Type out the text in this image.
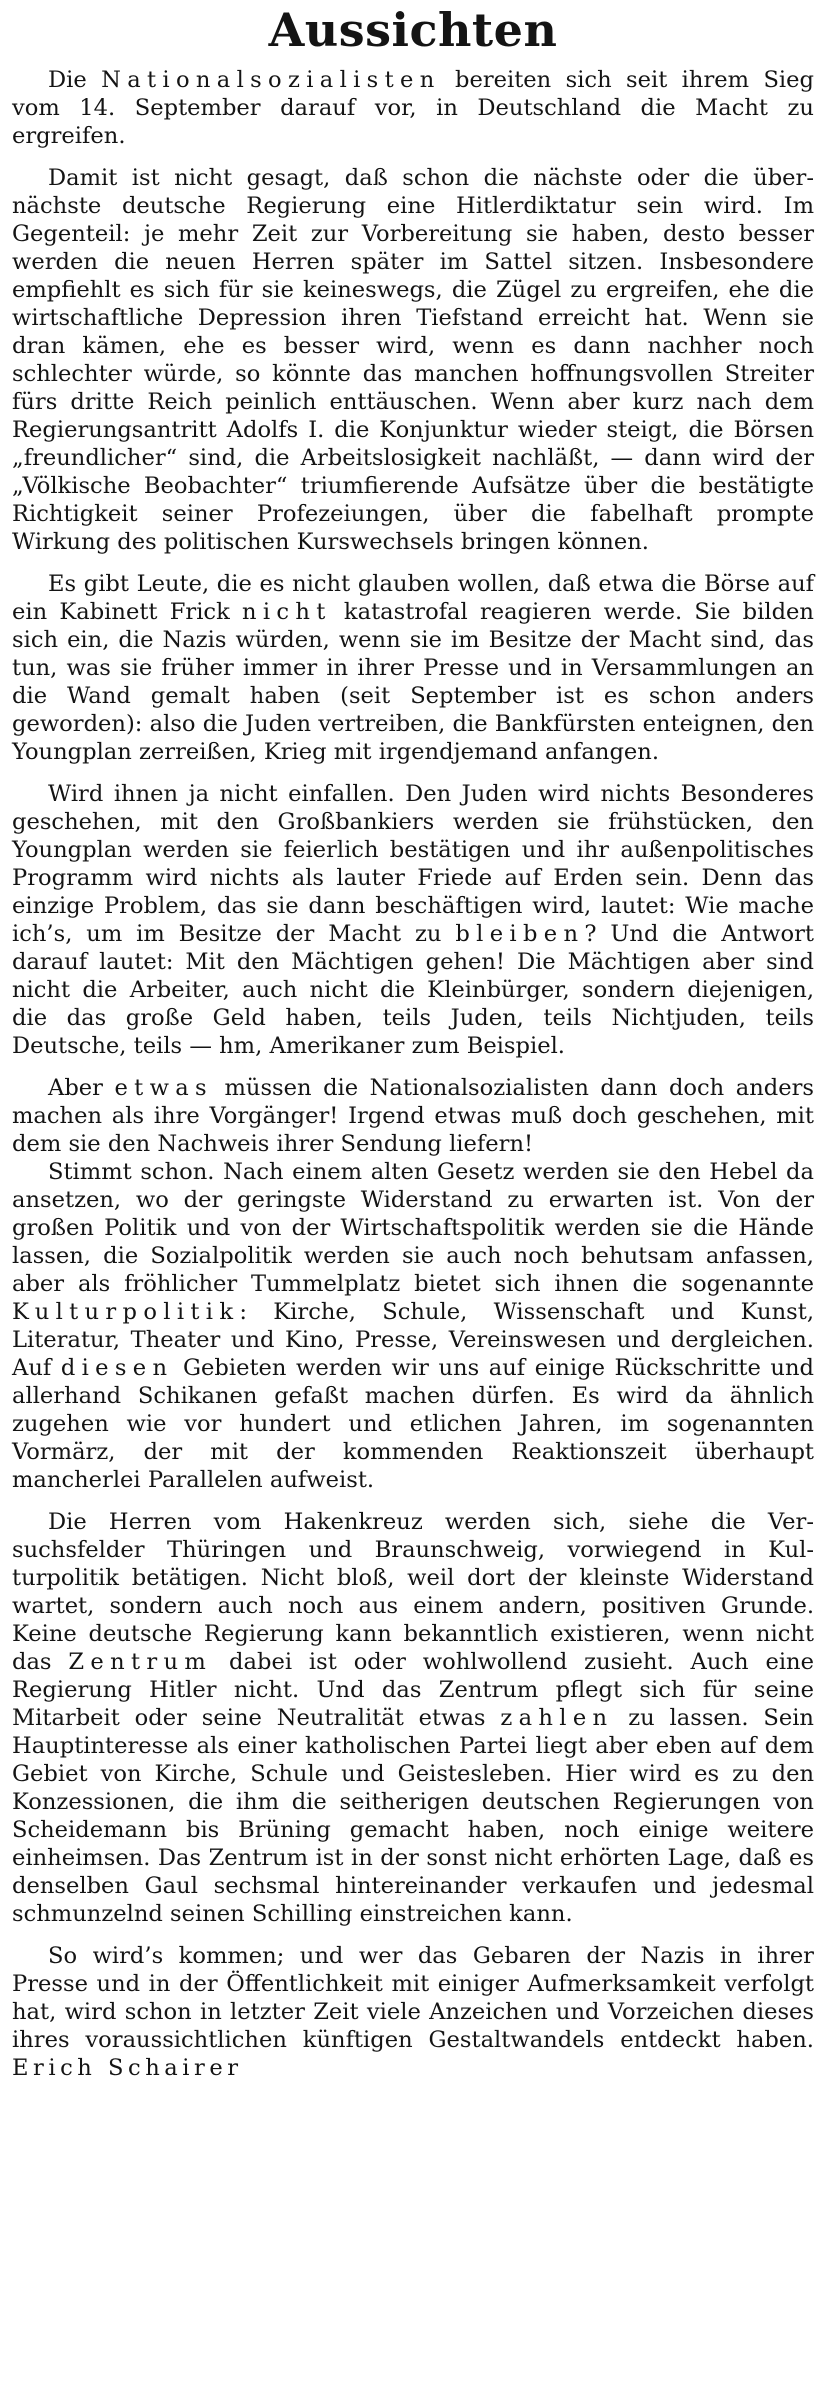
Aussichten

Die Nationalsozialisten bereiten sich seit ihrem Sieg vom 14. September darauf vor, in Deutschland die Macht zu ergreifen.

Damit ist nicht gesagt, daß schon die nächste oder die übernächste deutsche Regierung eine Hitlerdiktatur sein wird. Im Gegenteil: je mehr Zeit zur Vorbereitung sie haben, desto besser werden die neuen Herren später im Sattel sitzen. Insbesondere empfiehlt es sich für sie keineswegs, die Zügel zu ergreifen, ehe die wirtschaftliche Depression ihren Tiefstand erreicht hat. Wenn sie dran kämen, ehe es besser wird, wenn es dann nachher noch schlechter würde, so könnte das manchen hoffnungsvollen Streiter fürs dritte Reich peinlich enttäuschen. Wenn aber kurz nach dem Regierungsantritt Adolfs I. die Konjunktur wieder steigt, die Börsen „freundlicher“ sind, die Arbeitslosigkeit nachläßt, — dann wird der „Völkische Beobachter“ triumfierende Aufsätze über die bestätigte Richtigkeit seiner Profezeiungen, über die fabelhaft prompte Wirkung des politischen Kurswechsels bringen können.

Es gibt Leute, die es nicht glauben wollen, daß etwa die Börse auf ein Kabinett Frick nicht katastrofal reagieren werde. Sie bilden sich ein, die Nazis würden, wenn sie im Besitze der Macht sind, das tun, was sie früher immer in ihrer Presse und in Versammlungen an die Wand gemalt haben (seit September ist es schon anders geworden): also die Juden vertreiben, die Bankfürsten enteignen, den Youngplan zerreißen, Krieg mit irgendjemand anfangen.

Wird ihnen ja nicht einfallen. Den Juden wird nichts Besonderes geschehen, mit den Großbankiers werden sie frühstücken, den Youngplan werden sie feierlich bestätigen und ihr außenpolitisches Programm wird nichts als lauter Friede auf Erden sein. Denn das einzige Problem, das sie dann beschäftigen wird, lautet: Wie mache ich’s, um im Besitze der Macht zu bleiben? Und die Antwort darauf lautet: Mit den Mächtigen gehen! Die Mächtigen aber sind nicht die Arbeiter, auch nicht die Kleinbürger, sondern diejenigen, die das große Geld haben, teils Juden, teils Nichtjuden, teils Deutsche, teils — hm, Amerikaner zum Beispiel.

Aber etwas müssen die Nationalsozialisten dann doch anders machen als ihre Vorgänger! Irgend etwas muß doch geschehen, mit dem sie den Nachweis ihrer Sendung liefern!

Stimmt schon. Nach einem alten Gesetz werden sie den Hebel da ansetzen, wo der geringste Widerstand zu erwarten ist. Von der großen Politik und von der Wirtschaftspolitik werden sie die Hände lassen, die Sozialpolitik werden sie auch noch behutsam anfassen, aber als fröhlicher Tummelplatz bietet sich ihnen die sogenannte Kulturpolitik: Kirche, Schule, Wissenschaft und Kunst, Literatur, Theater und Kino, Presse, Vereinswesen und dergleichen. Auf diesen Gebieten werden wir uns auf einige Rückschritte und allerhand Schikanen gefaßt machen dürfen. Es wird da ähnlich zugehen wie vor hundert und etlichen Jahren, im sogenannten Vormärz, der mit der kommenden Reaktionszeit überhaupt mancherlei Parallelen aufweist.

Die Herren vom Hakenkreuz werden sich, siehe die Versuchsfelder Thüringen und Braunschweig, vorwiegend in Kulturpolitik betätigen. Nicht bloß, weil dort der kleinste Widerstand wartet, sondern auch noch aus einem andern, positiven Grunde. Keine deutsche Regierung kann bekanntlich existieren, wenn nicht das Zentrum dabei ist oder wohlwollend zusieht. Auch eine Regierung Hitler nicht. Und das Zentrum pflegt sich für seine Mitarbeit oder seine Neutralität etwas zahlen zu lassen. Sein Hauptinteresse als einer katholischen Partei liegt aber eben auf dem Gebiet von Kirche, Schule und Geistesleben. Hier wird es zu den Konzessionen, die ihm die seitherigen deutschen Regierungen von Scheidemann bis Brüning gemacht haben, noch einige weitere einheimsen. Das Zentrum ist in der sonst nicht erhörten Lage, daß es denselben Gaul sechsmal hintereinander verkaufen und jedesmal schmunzelnd seinen Schilling einstreichen kann.

So wird’s kommen; und wer das Gebaren der Nazis in ihrer Presse und in der Öffentlichkeit mit einiger Aufmerksamkeit verfolgt hat, wird schon in letzter Zeit viele Anzeichen und Vorzeichen dieses ihres voraussichtlichen künftigen Gestaltwandels entdeckt haben. Erich Schairer
